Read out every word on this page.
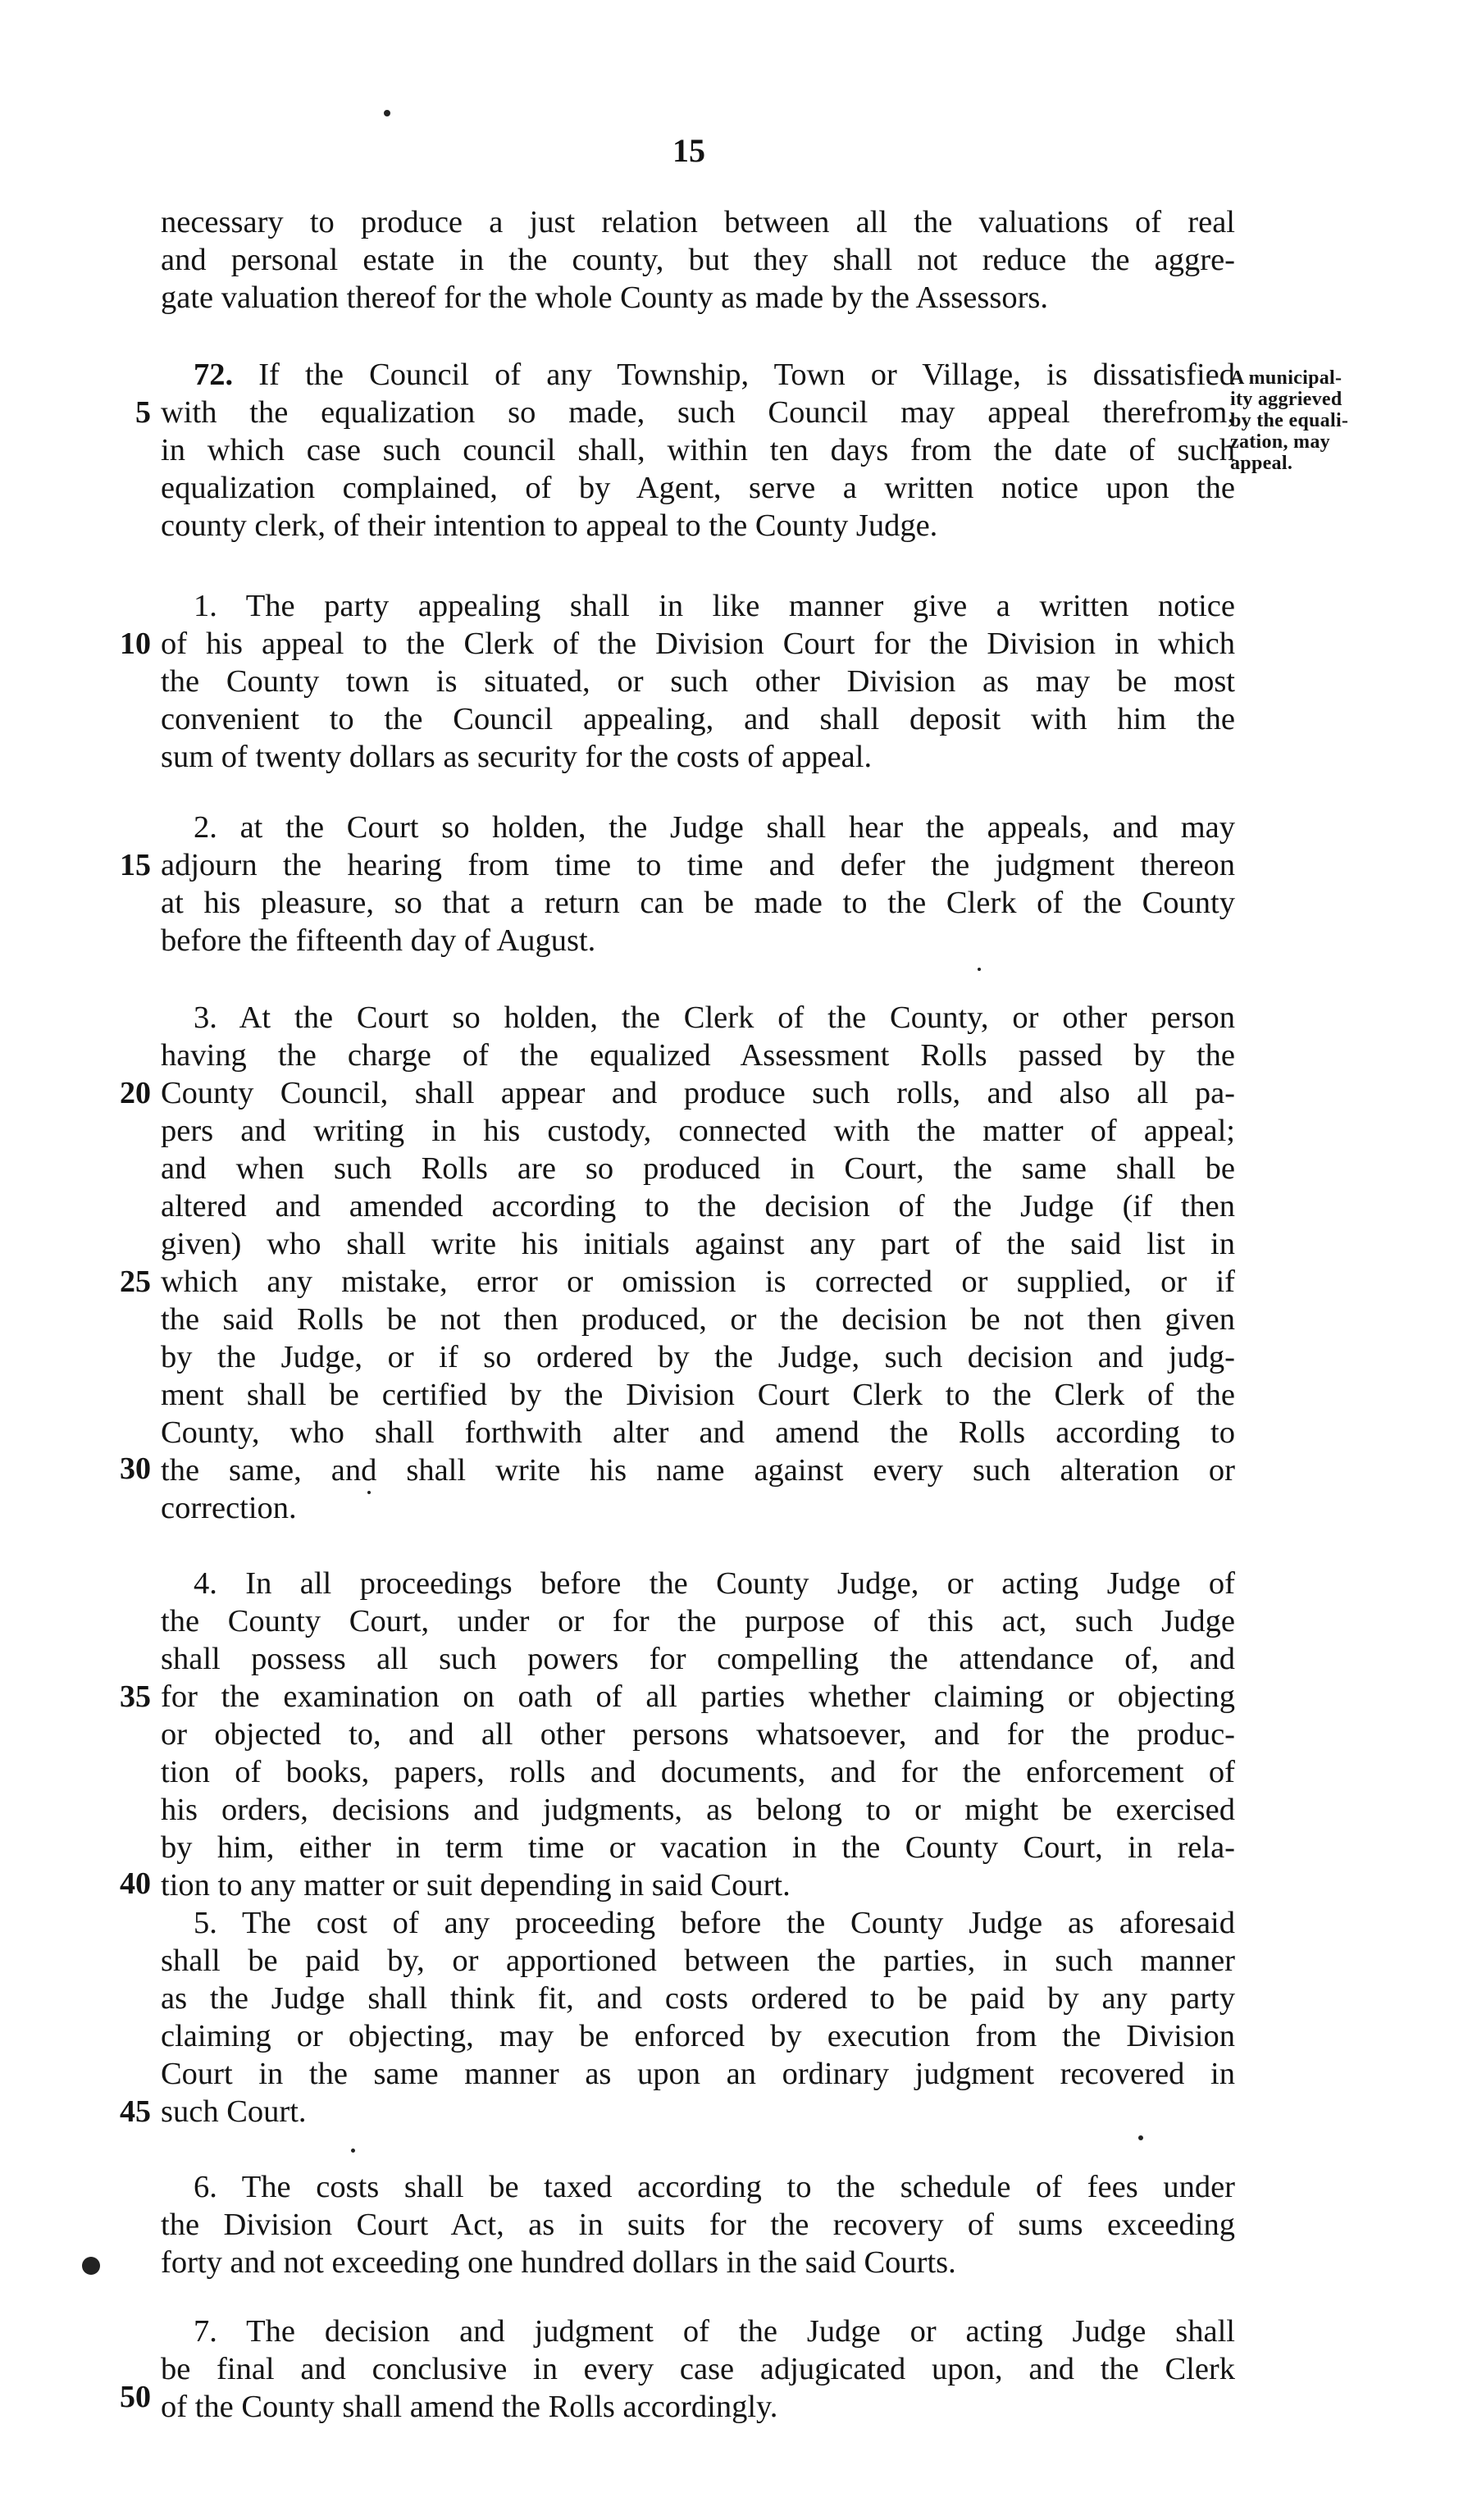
15
A municipal-
ity aggrieved
by the equali-
zation, may
appeal.
5
10
15
20
25
30
35
40
45
50
necessary to produce a just relation between all the valuations of real
and personal estate in the county, but they shall not reduce the aggre-
gate valuation thereof for the whole County as made by the Assessors.
72. If the Council of any Township, Town or Village, is dissatisfied
with the equalization so made, such Council may appeal therefrom,
in which case such council shall, within ten days from the date of such
equalization complained, of by Agent, serve a written notice upon the
county clerk, of their intention to appeal to the County Judge.
1. The party appealing shall in like manner give a written notice
of his appeal to the Clerk of the Division Court for the Division in which
the County town is situated, or such other Division as may be most
convenient to the Council appealing, and shall deposit with him the
sum of twenty dollars as security for the costs of appeal.
2. at the Court so holden, the Judge shall hear the appeals, and may
adjourn the hearing from time to time and defer the judgment thereon
at his pleasure, so that a return can be made to the Clerk of the County
before the fifteenth day of August.
3. At the Court so holden, the Clerk of the County, or other person
having the charge of the equalized Assessment Rolls passed by the
County Council, shall appear and produce such rolls, and also all pa-
pers and writing in his custody, connected with the matter of appeal;
and when such Rolls are so produced in Court, the same shall be
altered and amended according to the decision of the Judge (if then
given) who shall write his initials against any part of the said list in
which any mistake, error or omission is corrected or supplied, or if
the said Rolls be not then produced, or the decision be not then given
by the Judge, or if so ordered by the Judge, such decision and judg-
ment shall be certified by the Division Court Clerk to the Clerk of the
County, who shall forthwith alter and amend the Rolls according to
the same, and shall write his name against every such alteration or
correction.
4. In all proceedings before the County Judge, or acting Judge of
the County Court, under or for the purpose of this act, such Judge
shall possess all such powers for compelling the attendance of, and
for the examination on oath of all parties whether claiming or objecting
or objected to, and all other persons whatsoever, and for the produc-
tion of books, papers, rolls and documents, and for the enforcement of
his orders, decisions and judgments, as belong to or might be exercised
by him, either in term time or vacation in the County Court, in rela-
tion to any matter or suit depending in said Court.
5. The cost of any proceeding before the County Judge as aforesaid
shall be paid by, or apportioned between the parties, in such manner
as the Judge shall think fit, and costs ordered to be paid by any party
claiming or objecting, may be enforced by execution from the Division
Court in the same manner as upon an ordinary judgment recovered in
such Court.
6. The costs shall be taxed according to the schedule of fees under
the Division Court Act, as in suits for the recovery of sums exceeding
forty and not exceeding one hundred dollars in the said Courts.
7. The decision and judgment of the Judge or acting Judge shall
be final and conclusive in every case adjugicated upon, and the Clerk
of the County shall amend the Rolls accordingly.
